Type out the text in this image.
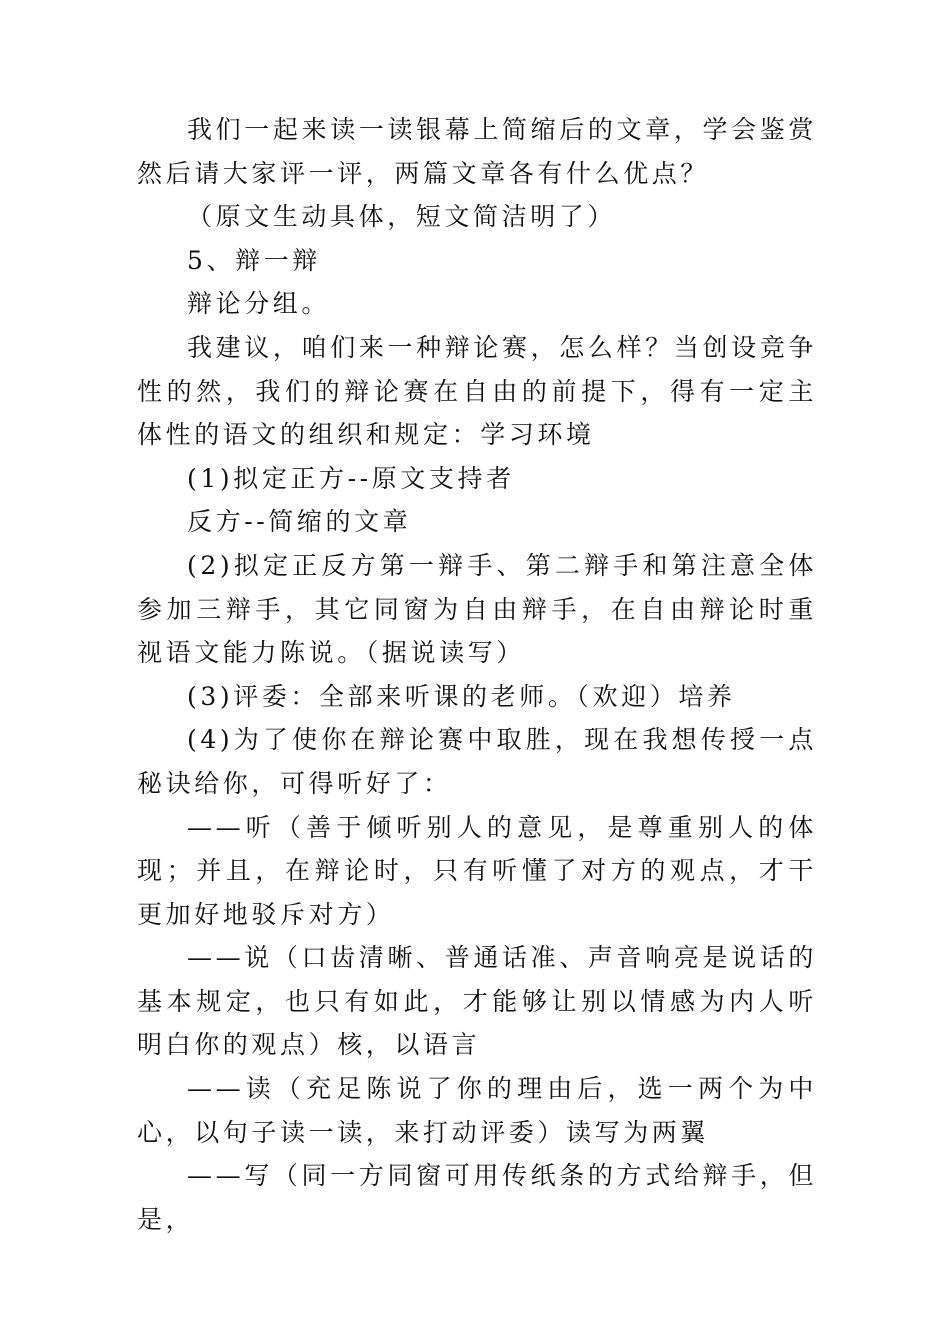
我们一起来读一读银幕上简缩后的文章，学会鉴赏然后请大家评一评，两篇文章各有什么优点？

（原文生动具体，短文简洁明了）

5、辩一辩

辩论分组。

我建议，咱们来一种辩论赛，怎么样？当创设竞争性的然，我们的辩论赛在自由的前提下，得有一定主体性的语文的组织和规定：学习环境

(1)拟定正方--原文支持者

反方--简缩的文章

(2)拟定正反方第一辩手、第二辩手和第注意全体参加三辩手，其它同窗为自由辩手，在自由辩论时重视语文能力陈说。（据说读写）

(3)评委：全部来听课的老师。（欢迎）培养

(4)为了使你在辩论赛中取胜，现在我想传授一点秘诀给你，可得听好了：

——听（善于倾听别人的意见，是尊重别人的体现；并且，在辩论时，只有听懂了对方的观点，才干更加好地驳斥对方）

——说（口齿清晰、普通话准、声音响亮是说话的基本规定，也只有如此，才能够让别以情感为内人听明白你的观点）核，以语言

——读（充足陈说了你的理由后，选一两个为中心，以句子读一读，来打动评委）读写为两翼

——写（同一方同窗可用传纸条的方式给辩手，但是，
